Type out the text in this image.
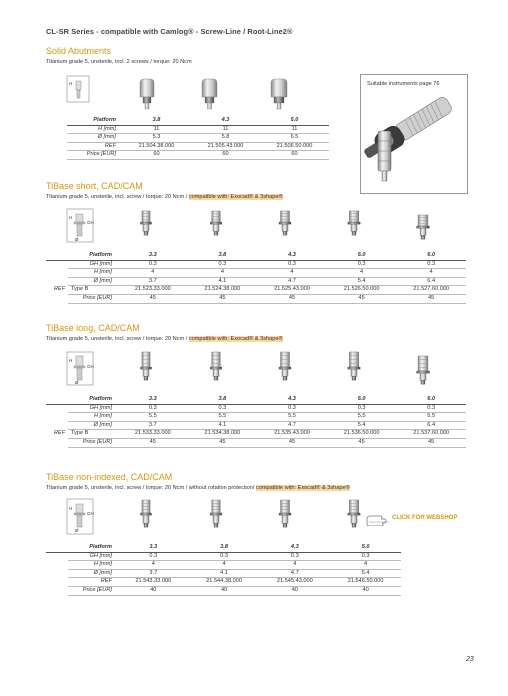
CL-SR Series - compatible with Camlog® - Screw-Line / Root-Line2®
Solid Abutments
Titanium grade 5, unsterile, incl. 2 screws / torque: 20 Ncm
TiBase short, CAD/CAM
Titanium grade 5, unsterile, incl. screw / torque: 20 Ncm / compatible with: Exocad® & 3shape®
TiBase long, CAD/CAM
Titanium grade 5, unsterile, incl. screw / torque: 20 Ncm / compatible with: Exocad® & 3shape®
TiBase non-indexed, CAD/CAM
Titanium grade 5, unsterile, incl. screw / torque: 20 Ncm / without rotation protection/ compatible with: Exocad® & 3shape®
H
H
GH
Ø
H
GH
Ø
H
GH
Ø
Suitable instruments page 76
Platform	3.8	4.3	5.0
H [mm]	11	11	11
Ø [mm]	5.3	5.8	6.5
REF	21.504.38.000	21.505.43.000	21.506.50.000
Price [EUR]	60	60	60
	Platform	3.3	3.8	4.3	5.0	6.0
	GH [mm]	0.3	0.3	0.3	0.3	0.3
	H [mm]	4	4	4	4	4
	Ø [mm]	3.7	4.1	4.7	5.4	6.4
REF	Type B	21.523.33.000	21.524.38.000	21.525.43.000	21.526.50.000	21.527.60.000
	Price [EUR]	45	45	45	45	45
	Platform	3.3	3.8	4.3	5.0	6.0
	GH [mm]	0.3	0.3	0.3	0.3	0.3
	H [mm]	5.5	5.5	5.5	5.5	5.5
	Ø [mm]	3.7	4.1	4.7	5.4	6.4
REF	Type B	21.533.33.000	21.534.38.000	21.535.43.000	21.536.50.000	21.537.60.000
	Price [EUR]	45	45	45	45	45
	Platform	3.3	3.8	4.3	5.0
	GH [mm]	0.3	0.3	0.3	0.3
	H [mm]	4	4	4	4
	Ø [mm]	3.7	4.1	4.7	5.4
	REF	21.543.33.000	21.544.38.000	21.545.43.000	21.546.50.000
	Price [EUR]	40	40	40	40
CLICK FOR WEBSHOP
23
